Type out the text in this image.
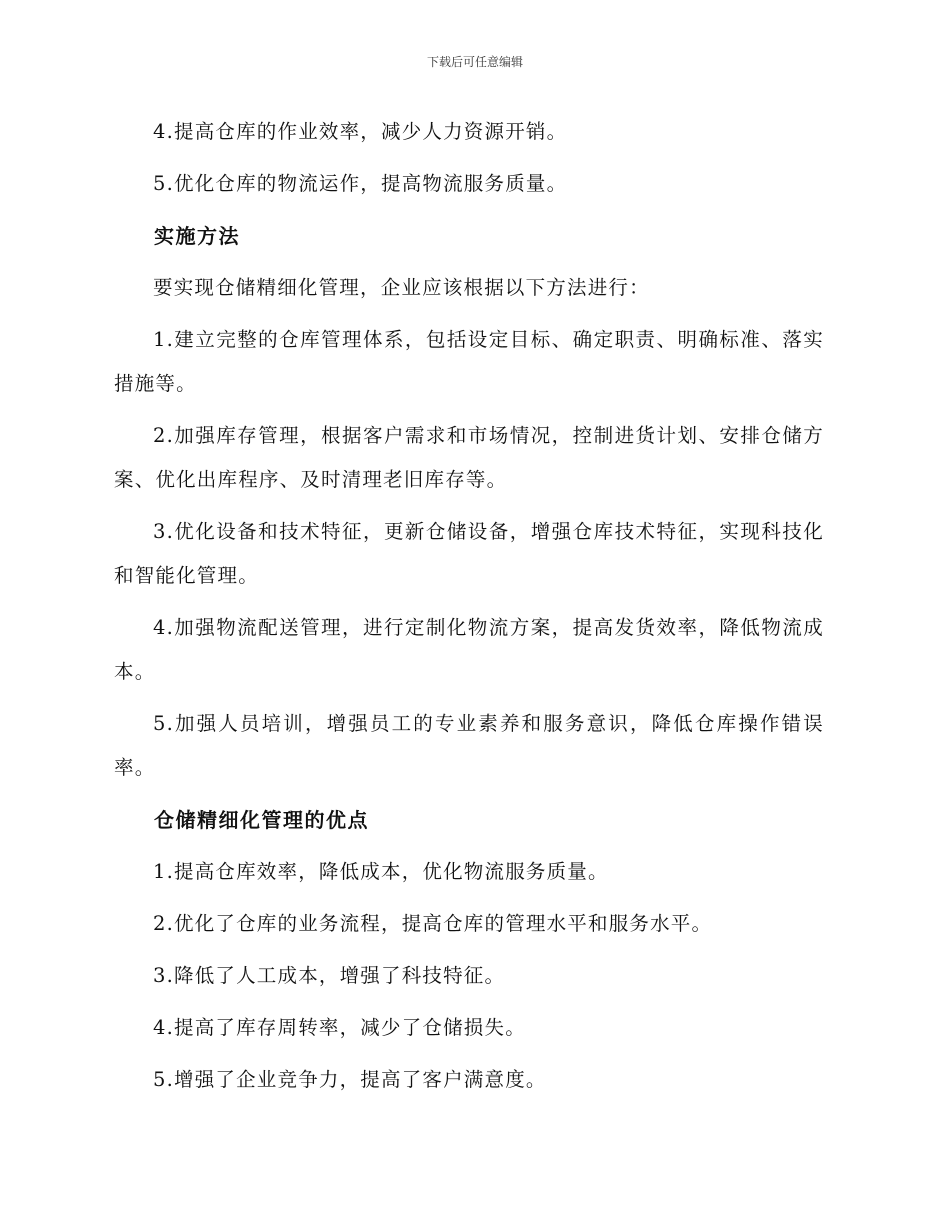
下载后可任意编辑

4.提高仓库的作业效率，减少人力资源开销。

5.优化仓库的物流运作，提高物流服务质量。

实施方法

要实现仓储精细化管理，企业应该根据以下方法进行：

1.建立完整的仓库管理体系，包括设定目标、确定职责、明确标准、落实措施等。

2.加强库存管理，根据客户需求和市场情况，控制进货计划、安排仓储方案、优化出库程序、及时清理老旧库存等。

3.优化设备和技术特征，更新仓储设备，增强仓库技术特征，实现科技化和智能化管理。

4.加强物流配送管理，进行定制化物流方案，提高发货效率，降低物流成本。

5.加强人员培训，增强员工的专业素养和服务意识，降低仓库操作错误率。

仓储精细化管理的优点

1.提高仓库效率，降低成本，优化物流服务质量。

2.优化了仓库的业务流程，提高仓库的管理水平和服务水平。

3.降低了人工成本，增强了科技特征。

4.提高了库存周转率，减少了仓储损失。

5.增强了企业竞争力，提高了客户满意度。
